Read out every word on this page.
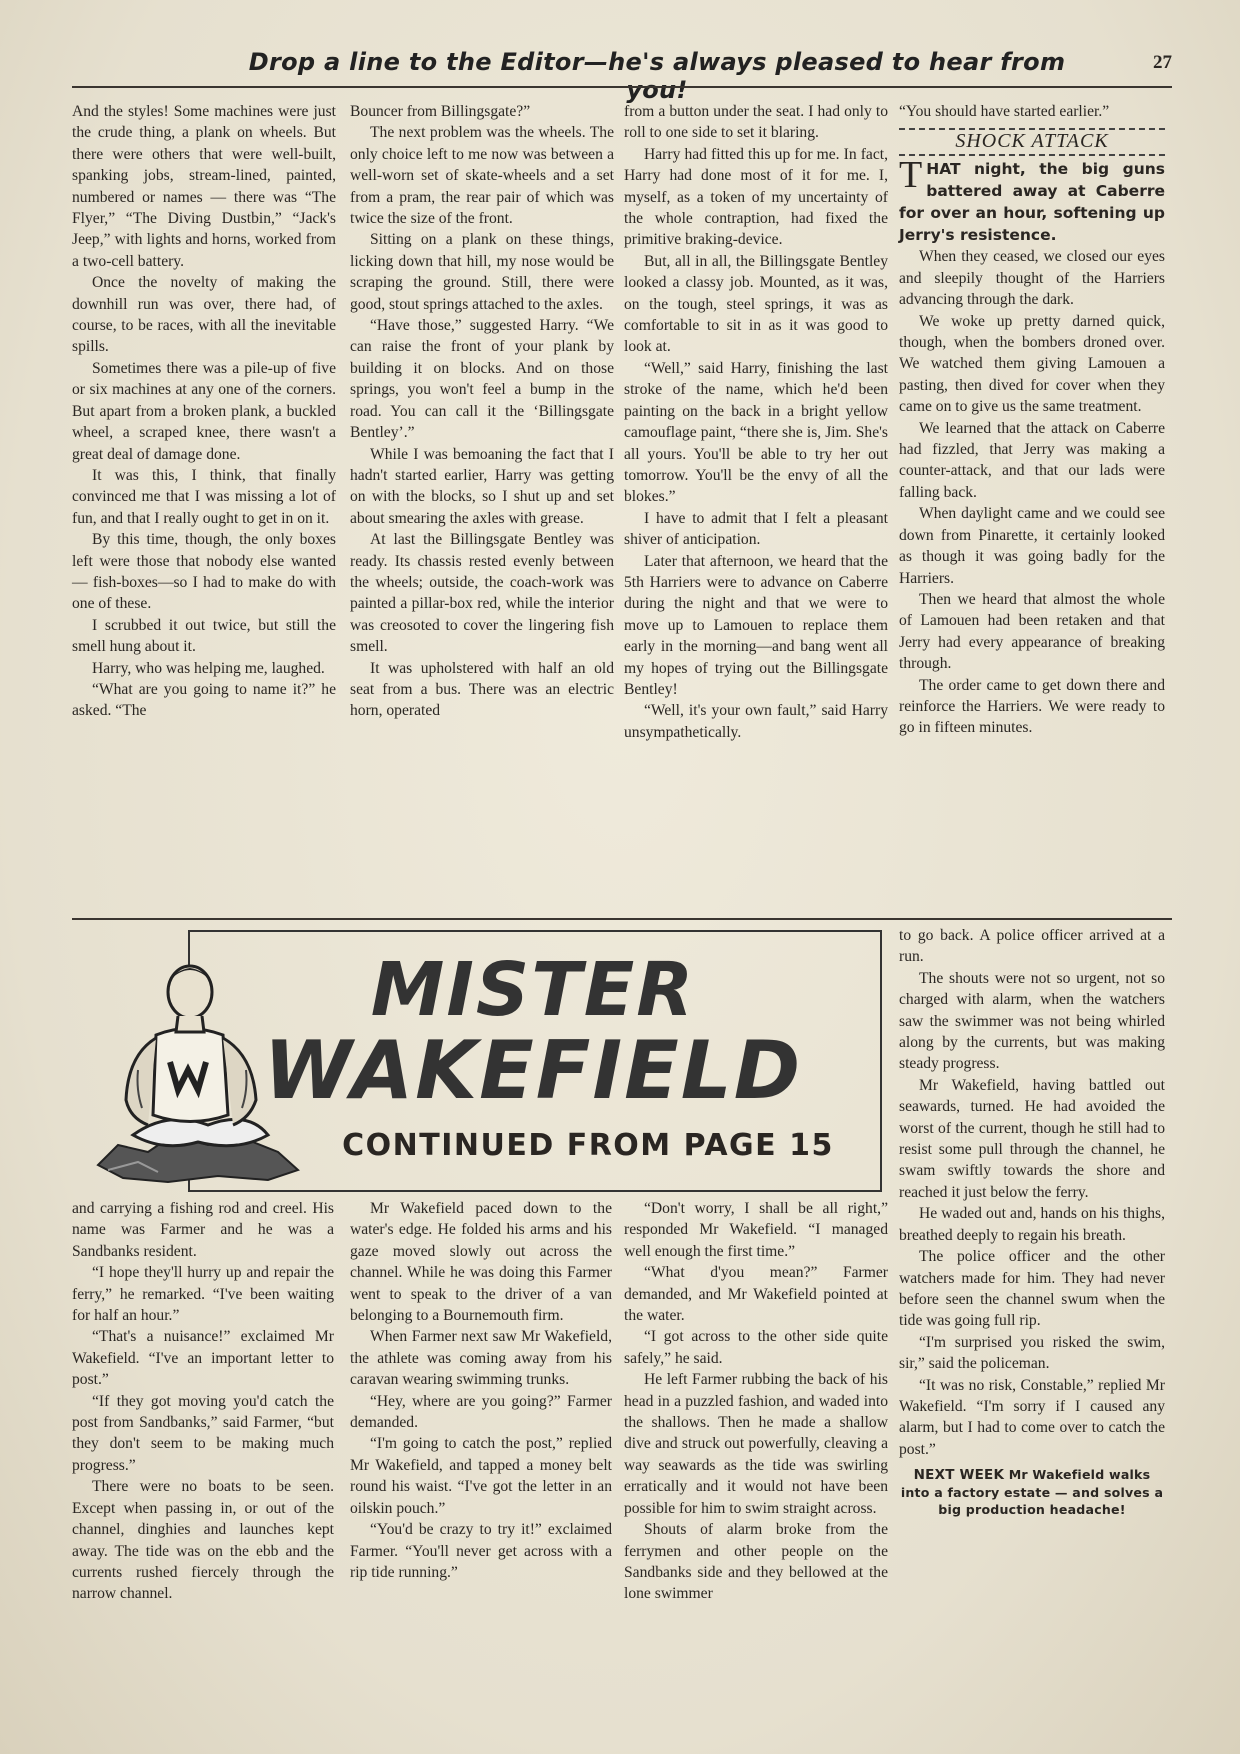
Drop a line to the Editor—he's always pleased to hear from you!
27

And the styles! Some machines were just the crude thing, a plank on wheels. But there were others that were well-built, spanking jobs, stream-lined, painted, numbered or names — there was “The Flyer,” “The Diving Dustbin,” “Jack's Jeep,” with lights and horns, worked from a two-cell battery.

Once the novelty of making the downhill run was over, there had, of course, to be races, with all the inevitable spills.

Sometimes there was a pile-up of five or six machines at any one of the corners. But apart from a broken plank, a buckled wheel, a scraped knee, there wasn't a great deal of damage done.

It was this, I think, that finally convinced me that I was missing a lot of fun, and that I really ought to get in on it.

By this time, though, the only boxes left were those that nobody else wanted — fish-boxes—so I had to make do with one of these.

I scrubbed it out twice, but still the smell hung about it.

Harry, who was helping me, laughed.

“What are you going to name it?” he asked. “The

Bouncer from Billingsgate?”

The next problem was the wheels. The only choice left to me now was between a well-worn set of skate-wheels and a set from a pram, the rear pair of which was twice the size of the front.

Sitting on a plank on these things, licking down that hill, my nose would be scraping the ground. Still, there were good, stout springs attached to the axles.

“Have those,” suggested Harry. “We can raise the front of your plank by building it on blocks. And on those springs, you won't feel a bump in the road. You can call it the ‘Billingsgate Bentley’.”

While I was bemoaning the fact that I hadn't started earlier, Harry was getting on with the blocks, so I shut up and set about smearing the axles with grease.

At last the Billingsgate Bentley was ready. Its chassis rested evenly between the wheels; outside, the coach-work was painted a pillar-box red, while the interior was creosoted to cover the lingering fish smell.

It was upholstered with half an old seat from a bus. There was an electric horn, operated

from a button under the seat. I had only to roll to one side to set it blaring.

Harry had fitted this up for me. In fact, Harry had done most of it for me. I, myself, as a token of my uncertainty of the whole contraption, had fixed the primitive braking-device.

But, all in all, the Billingsgate Bentley looked a classy job. Mounted, as it was, on the tough, steel springs, it was as comfortable to sit in as it was good to look at.

“Well,” said Harry, finishing the last stroke of the name, which he'd been painting on the back in a bright yellow camouflage paint, “there she is, Jim. She's all yours. You'll be able to try her out tomorrow. You'll be the envy of all the blokes.”

I have to admit that I felt a pleasant shiver of anticipation.

Later that afternoon, we heard that the 5th Harriers were to advance on Caberre during the night and that we were to move up to Lamouen to replace them early in the morning—and bang went all my hopes of trying out the Billingsgate Bentley!

“Well, it's your own fault,” said Harry unsympathetically.

“You should have started earlier.”

SHOCK ATTACK

THAT night, the big guns battered away at Caberre for over an hour, softening up Jerry's resistence.

When they ceased, we closed our eyes and sleepily thought of the Harriers advancing through the dark.

We woke up pretty darned quick, though, when the bombers droned over. We watched them giving Lamouen a pasting, then dived for cover when they came on to give us the same treatment.

We learned that the attack on Caberre had fizzled, that Jerry was making a counter-attack, and that our lads were falling back.

When daylight came and we could see down from Pinarette, it certainly looked as though it was going badly for the Harriers.

Then we heard that almost the whole of Lamouen had been retaken and that Jerry had every appearance of breaking through.

The order came to get down there and reinforce the Harriers. We were ready to go in fifteen minutes.

MISTER
WAKEFIELD
CONTINUED FROM PAGE 15

and carrying a fishing rod and creel. His name was Farmer and he was a Sandbanks resident.

“I hope they'll hurry up and repair the ferry,” he remarked. “I've been waiting for half an hour.”

“That's a nuisance!” exclaimed Mr Wakefield. “I've an important letter to post.”

“If they got moving you'd catch the post from Sandbanks,” said Farmer, “but they don't seem to be making much progress.”

There were no boats to be seen. Except when passing in, or out of the channel, dinghies and launches kept away. The tide was on the ebb and the currents rushed fiercely through the narrow channel.

Mr Wakefield paced down to the water's edge. He folded his arms and his gaze moved slowly out across the channel. While he was doing this Farmer went to speak to the driver of a van belonging to a Bournemouth firm.

When Farmer next saw Mr Wakefield, the athlete was coming away from his caravan wearing swimming trunks.

“Hey, where are you going?” Farmer demanded.

“I'm going to catch the post,” replied Mr Wakefield, and tapped a money belt round his waist. “I've got the letter in an oilskin pouch.”

“You'd be crazy to try it!” exclaimed Farmer. “You'll never get across with a rip tide running.”

“Don't worry, I shall be all right,” responded Mr Wakefield. “I managed well enough the first time.”

“What d'you mean?” Farmer demanded, and Mr Wakefield pointed at the water.

“I got across to the other side quite safely,” he said.

He left Farmer rubbing the back of his head in a puzzled fashion, and waded into the shallows. Then he made a shallow dive and struck out powerfully, cleaving a way seawards as the tide was swirling erratically and it would not have been possible for him to swim straight across.

Shouts of alarm broke from the ferrymen and other people on the Sandbanks side and they bellowed at the lone swimmer

to go back. A police officer arrived at a run.

The shouts were not so urgent, not so charged with alarm, when the watchers saw the swimmer was not being whirled along by the currents, but was making steady progress.

Mr Wakefield, having battled out seawards, turned. He had avoided the worst of the current, though he still had to resist some pull through the channel, he swam swiftly towards the shore and reached it just below the ferry.

He waded out and, hands on his thighs, breathed deeply to regain his breath.

The police officer and the other watchers made for him. They had never before seen the channel swum when the tide was going full rip.

“I'm surprised you risked the swim, sir,” said the policeman.

“It was no risk, Constable,” replied Mr Wakefield. “I'm sorry if I caused any alarm, but I had to come over to catch the post.”

NEXT WEEK Mr Wakefield walks into a factory estate — and solves a big production headache!
